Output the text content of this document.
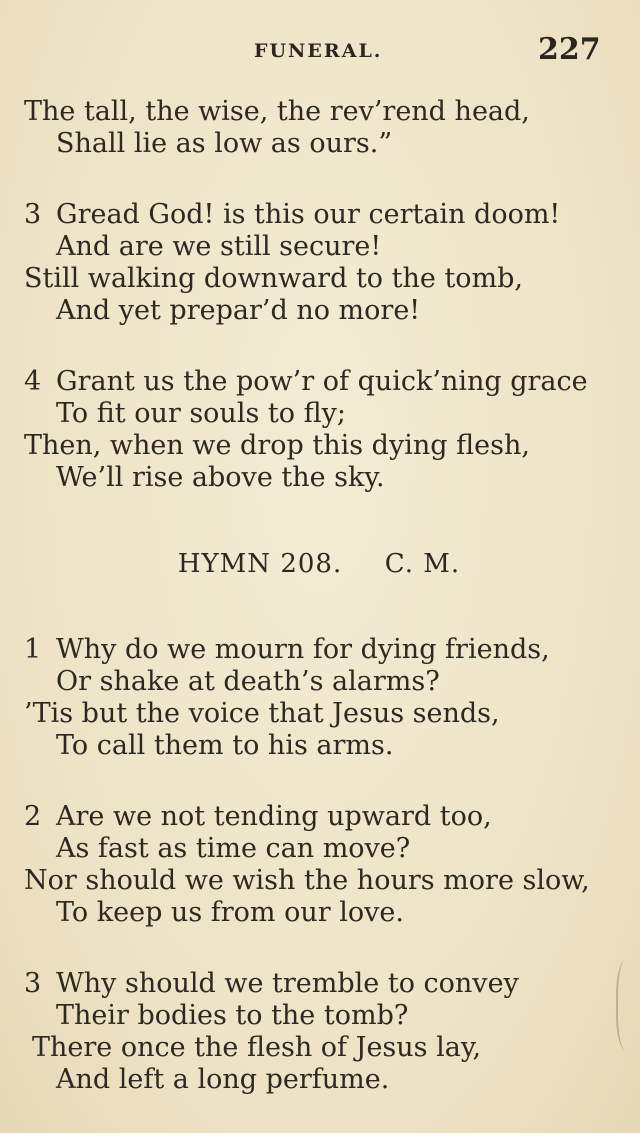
FUNERAL.	227
The tall, the wise, the rev’rend head,
Shall lie as low as ours.”
3 Gread God! is this our certain doom!
And are we still secure!
Still walking downward to the tomb,
And yet prepar’d no more!
4 Grant us the pow’r of quick’ning grace
To fit our souls to fly;
Then, when we drop this dying flesh,
We’ll rise above the sky.
HYMN 208. C. M.
1 Why do we mourn for dying friends,
Or shake at death’s alarms?
’Tis but the voice that Jesus sends,
To call them to his arms.
2 Are we not tending upward too,
As fast as time can move?
Nor should we wish the hours more slow,
To keep us from our love.
3 Why should we tremble to convey
Their bodies to the tomb?
There once the flesh of Jesus lay,
And left a long perfume.
